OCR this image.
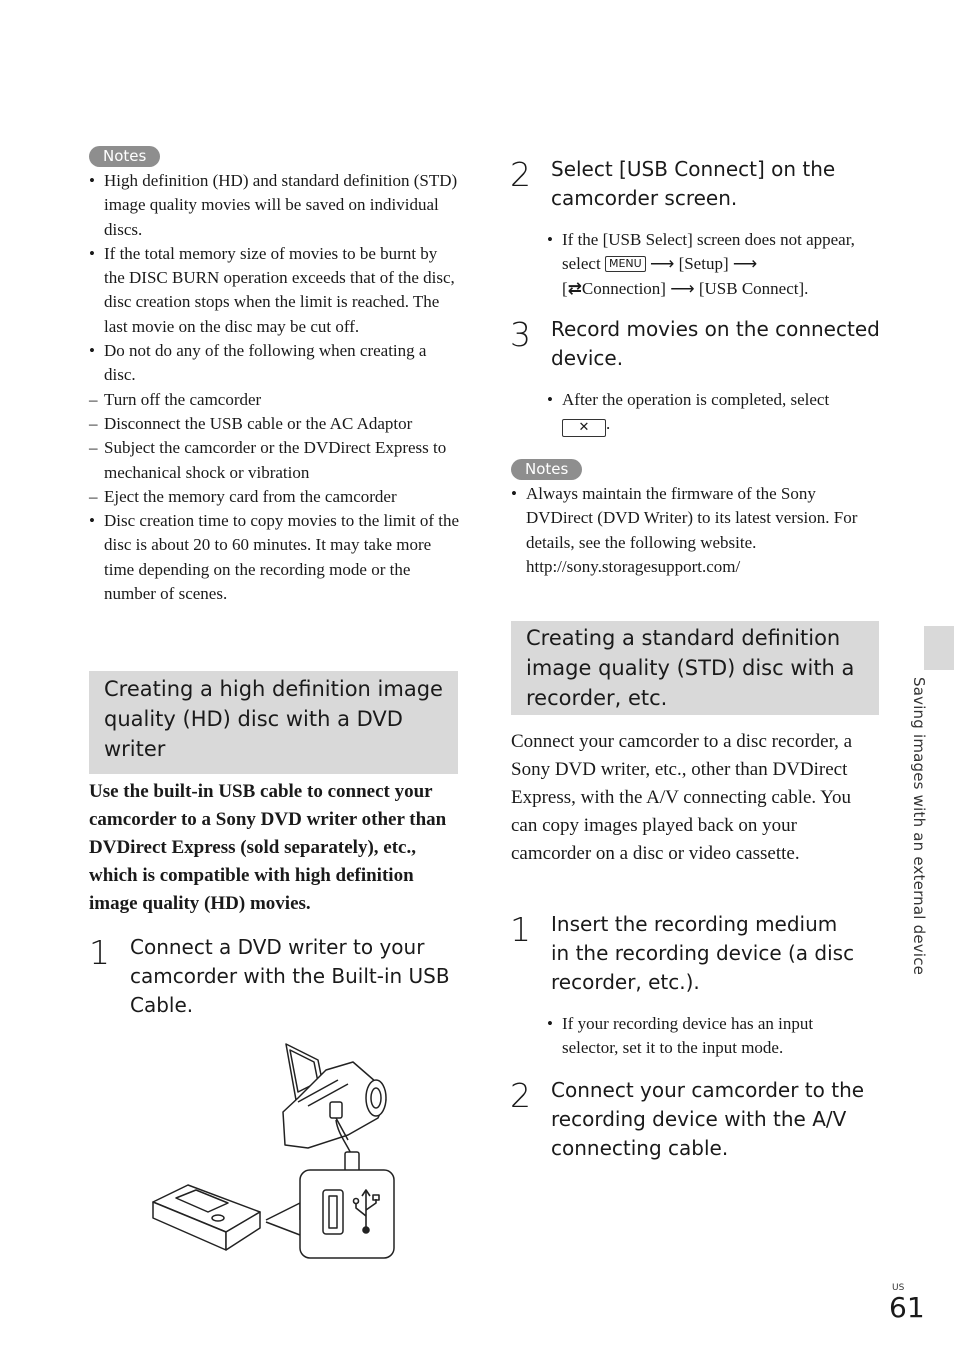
Notes
• High definition (HD) and standard definition (STD) image quality movies will be saved on individual discs.
• If the total memory size of movies to be burnt by the DISC BURN operation exceeds that of the disc, disc creation stops when the limit is reached. The last movie on the disc may be cut off.
• Do not do any of the following when creating a disc.
– Turn off the camcorder
– Disconnect the USB cable or the AC Adaptor
– Subject the camcorder or the DVDirect Express to mechanical shock or vibration
– Eject the memory card from the camcorder
• Disc creation time to copy movies to the limit of the disc is about 20 to 60 minutes. It may take more time depending on the recording mode or the number of scenes.
Creating a high definition image quality (HD) disc with a DVD writer
Use the built-in USB cable to connect your camcorder to a Sony DVD writer other than DVDirect Express (sold separately), etc., which is compatible with high definition image quality (HD) movies.
1 Connect a DVD writer to your camcorder with the Built-in USB Cable.
2 Select [USB Connect] on the camcorder screen.
• If the [USB Select] screen does not appear, select MENU ⟶ [Setup] ⟶
[⇄Connection] ⟶ [USB Connect].
3 Record movies on the connected device.
• After the operation is completed, select
✕ .
Notes
• Always maintain the firmware of the Sony DVDirect (DVD Writer) to its latest version. For details, see the following website.
http://sony.storagesupport.com/
Creating a standard definition image quality (STD) disc with a recorder, etc.
Connect your camcorder to a disc recorder, a Sony DVD writer, etc., other than DVDirect Express, with the A/V connecting cable. You can copy images played back on your camcorder on a disc or video cassette.
1 Insert the recording medium in the recording device (a disc recorder, etc.).
• If your recording device has an input selector, set it to the input mode.
2 Connect your camcorder to the recording device with the A/V connecting cable.
Saving images with an external device
US
61
